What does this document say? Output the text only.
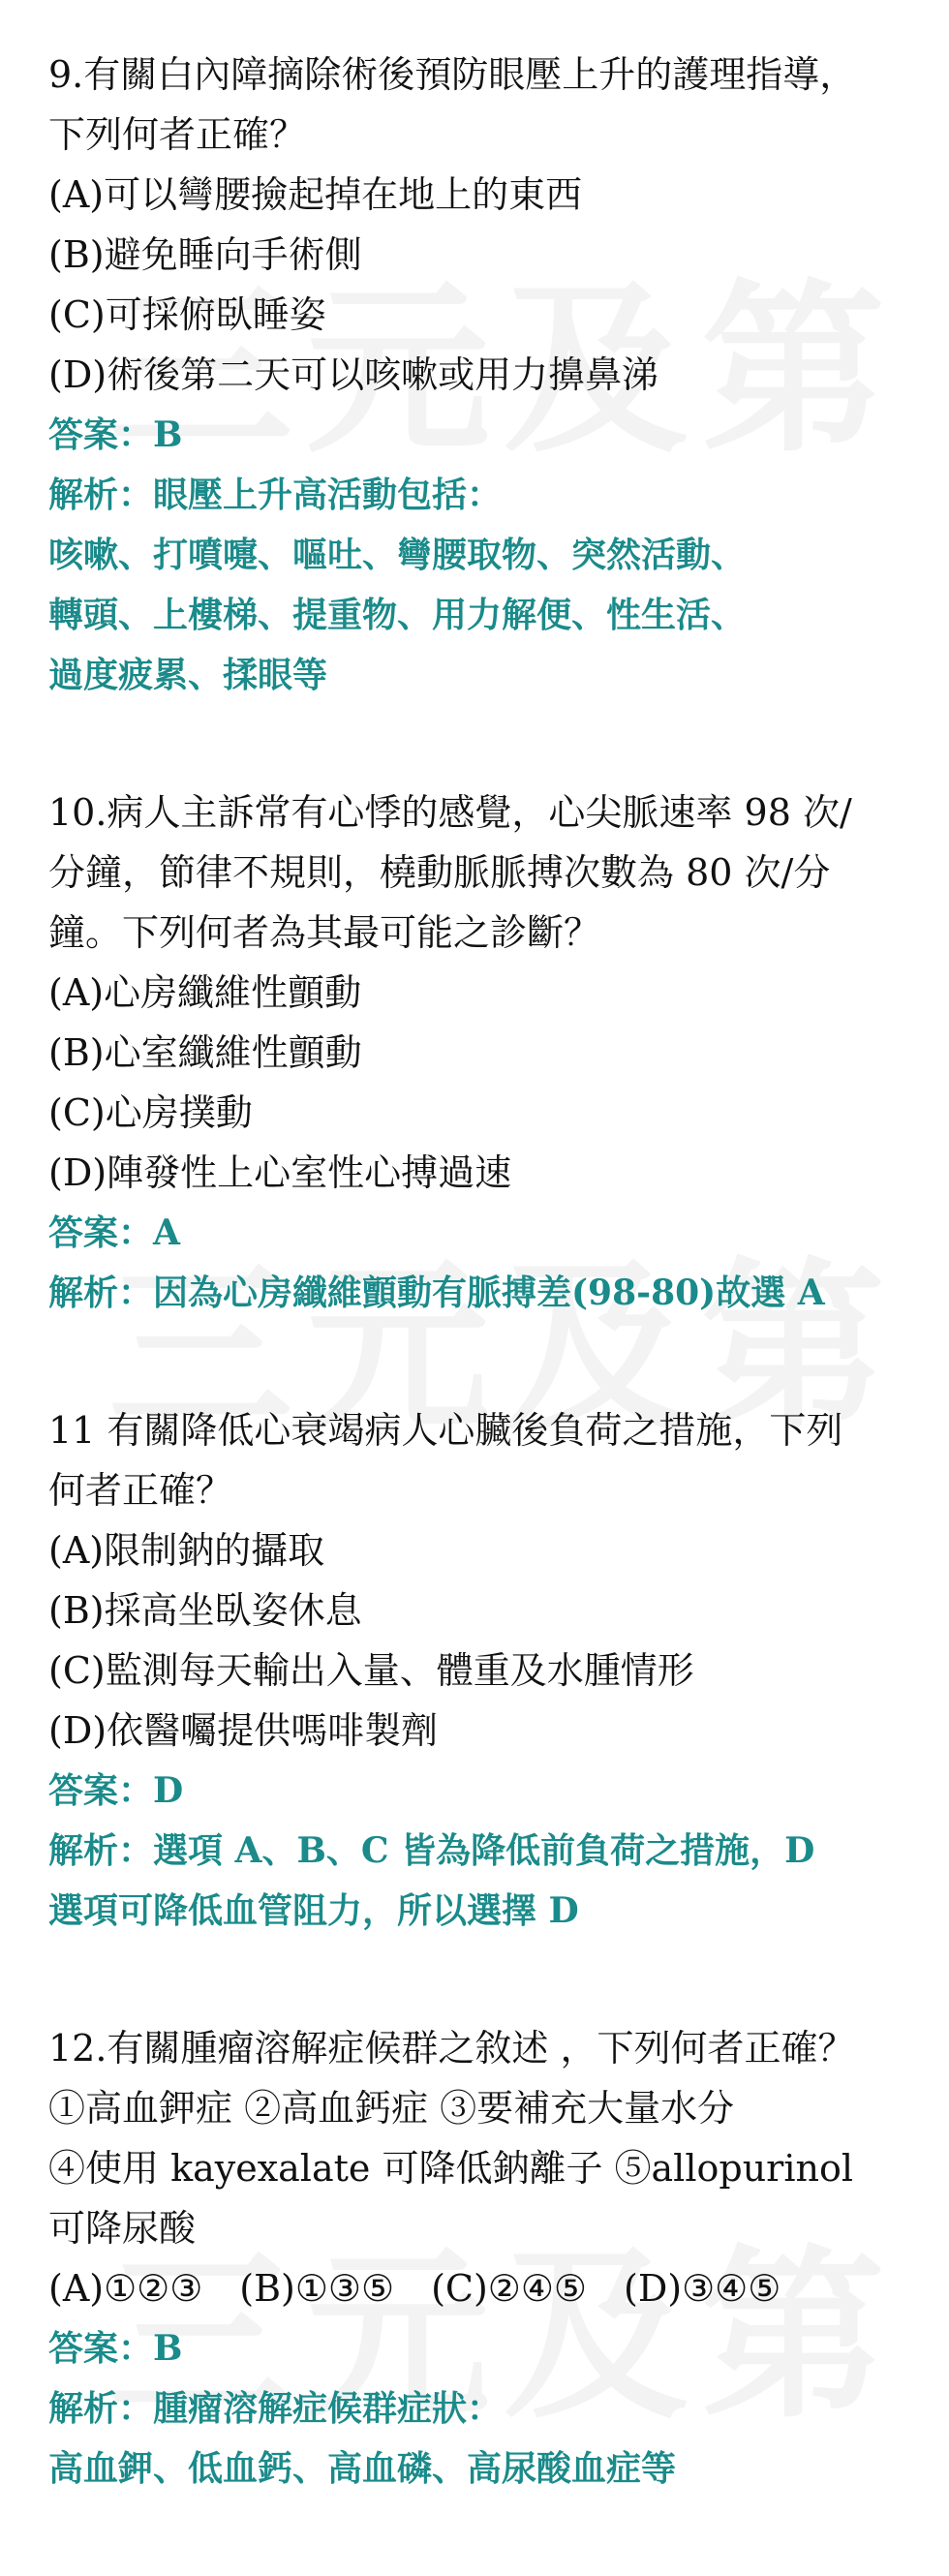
9.有關白內障摘除術後預防眼壓上升的護理指導，
下列何者正確？
(A)可以彎腰撿起掉在地上的東西
(B)避免睡向手術側
(C)可採俯臥睡姿
(D)術後第二天可以咳嗽或用力擤鼻涕
答案：B
解析：眼壓上升高活動包括：
咳嗽、打噴嚏、嘔吐、彎腰取物、突然活動、
轉頭、上樓梯、提重物、用力解便、性生活、
過度疲累、揉眼等
10.病人主訴常有心悸的感覺，心尖脈速率 98 次/
分鐘，節律不規則，橈動脈脈搏次數為 80 次/分
鐘。下列何者為其最可能之診斷？
(A)心房纖維性顫動
(B)心室纖維性顫動
(C)心房撲動
(D)陣發性上心室性心搏過速
答案：A
解析：因為心房纖維顫動有脈搏差(98-80)故選 A
11 有關降低心衰竭病人心臟後負荷之措施，下列
何者正確？
(A)限制鈉的攝取
(B)採高坐臥姿休息
(C)監測每天輸出入量、體重及水腫情形
(D)依醫囑提供嗎啡製劑
答案：D
解析：選項 A、B、C 皆為降低前負荷之措施，D
選項可降低血管阻力，所以選擇 D
12.有關腫瘤溶解症候群之敘述 ，下列何者正確？
①高血鉀症 ②高血鈣症 ③要補充大量水分
④使用 kayexalate 可降低鈉離子 ⑤allopurinol
可降尿酸
(A)①②③　(B)①③⑤　(C)②④⑤　(D)③④⑤
答案：B
解析：腫瘤溶解症候群症狀：
高血鉀、低血鈣、高血磷、高尿酸血症等
